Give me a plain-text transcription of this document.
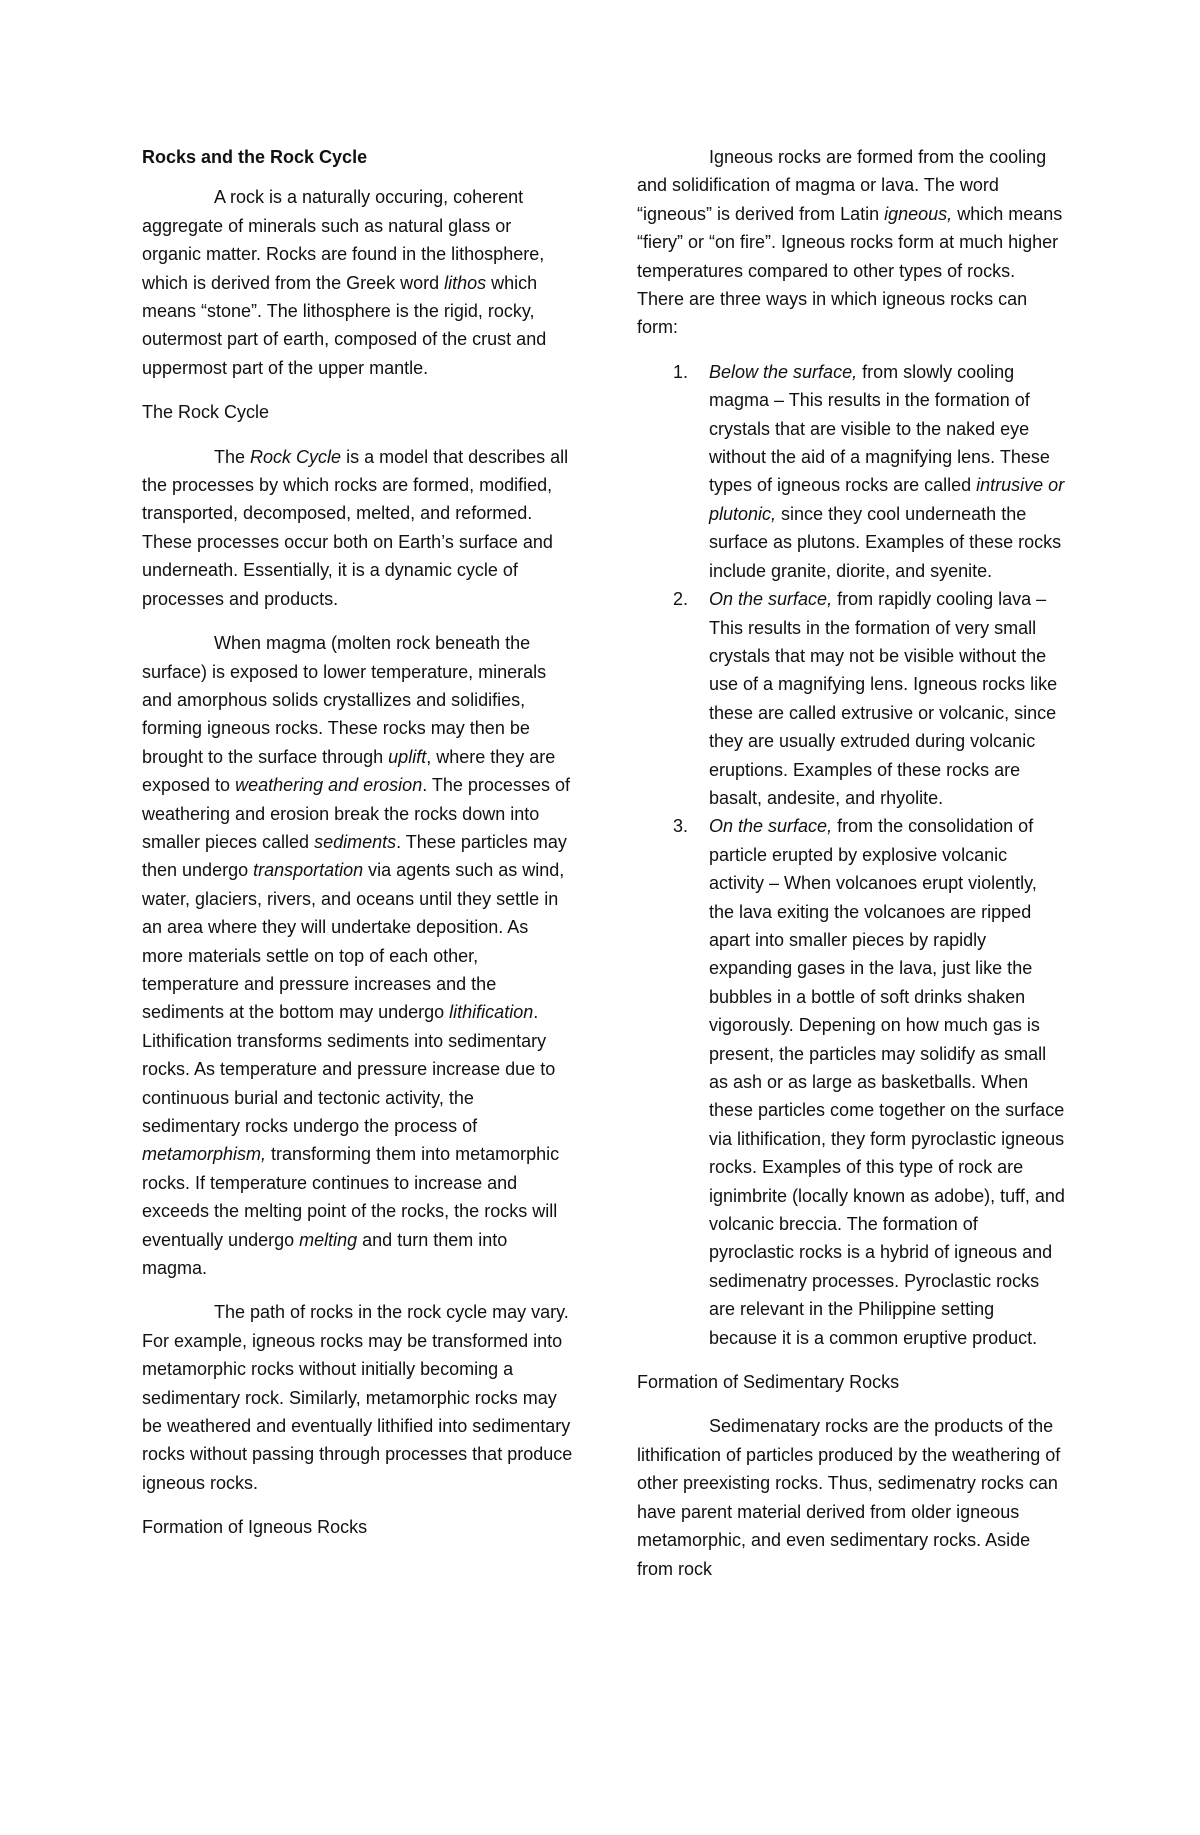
Rocks and the Rock Cycle

A rock is a naturally occuring, coherent aggregate of minerals such as natural glass or organic matter. Rocks are found in the lithosphere, which is derived from the Greek word lithos which means “stone”. The lithosphere is the rigid, rocky, outermost part of earth, composed of the crust and uppermost part of the upper mantle.

The Rock Cycle

The Rock Cycle is a model that describes all the processes by which rocks are formed, modified, transported, decomposed, melted, and reformed. These processes occur both on Earth’s surface and underneath. Essentially, it is a dynamic cycle of processes and products.

When magma (molten rock beneath the surface) is exposed to lower temperature, minerals and amorphous solids crystallizes and solidifies, forming igneous rocks. These rocks may then be brought to the surface through uplift, where they are exposed to weathering and erosion. The processes of weathering and erosion break the rocks down into smaller pieces called sediments. These particles may then undergo transportation via agents such as wind, water, glaciers, rivers, and oceans until they settle in an area where they will undertake deposition. As more materials settle on top of each other, temperature and pressure increases and the sediments at the bottom may undergo lithification. Lithification transforms sediments into sedimentary rocks. As temperature and pressure increase due to continuous burial and tectonic activity, the sedimentary rocks undergo the process of metamorphism, transforming them into metamorphic rocks. If temperature continues to increase and exceeds the melting point of the rocks, the rocks will eventually undergo melting and turn them into magma.

The path of rocks in the rock cycle may vary. For example, igneous rocks may be transformed into metamorphic rocks without initially becoming a sedimentary rock. Similarly, metamorphic rocks may be weathered and eventually lithified into sedimentary rocks without passing through processes that produce igneous rocks.

Formation of Igneous Rocks

Igneous rocks are formed from the cooling and solidification of magma or lava. The word “igneous” is derived from Latin igneous, which means “fiery” or “on fire”. Igneous rocks form at much higher temperatures compared to other types of rocks. There are three ways in which igneous rocks can form:

1. Below the surface, from slowly cooling magma – This results in the formation of crystals that are visible to the naked eye without the aid of a magnifying lens. These types of igneous rocks are called intrusive or plutonic, since they cool underneath the surface as plutons. Examples of these rocks include granite, diorite, and syenite.
2. On the surface, from rapidly cooling lava – This results in the formation of very small crystals that may not be visible without the use of a magnifying lens. Igneous rocks like these are called extrusive or volcanic, since they are usually extruded during volcanic eruptions. Examples of these rocks are basalt, andesite, and rhyolite.
3. On the surface, from the consolidation of particle erupted by explosive volcanic activity – When volcanoes erupt violently, the lava exiting the volcanoes are ripped apart into smaller pieces by rapidly expanding gases in the lava, just like the bubbles in a bottle of soft drinks shaken vigorously. Depening on how much gas is present, the particles may solidify as small as ash or as large as basketballs. When these particles come together on the surface via lithification, they form pyroclastic igneous rocks. Examples of this type of rock are ignimbrite (locally known as adobe), tuff, and volcanic breccia. The formation of pyroclastic rocks is a hybrid of igneous and sedimenatry processes. Pyroclastic rocks are relevant in the Philippine setting because it is a common eruptive product.
Formation of Sedimentary Rocks

Sedimenatary rocks are the products of the lithification of particles produced by the weathering of other preexisting rocks. Thus, sedimenatry rocks can have parent material derived from older igneous metamorphic, and even sedimentary rocks. Aside from rock
